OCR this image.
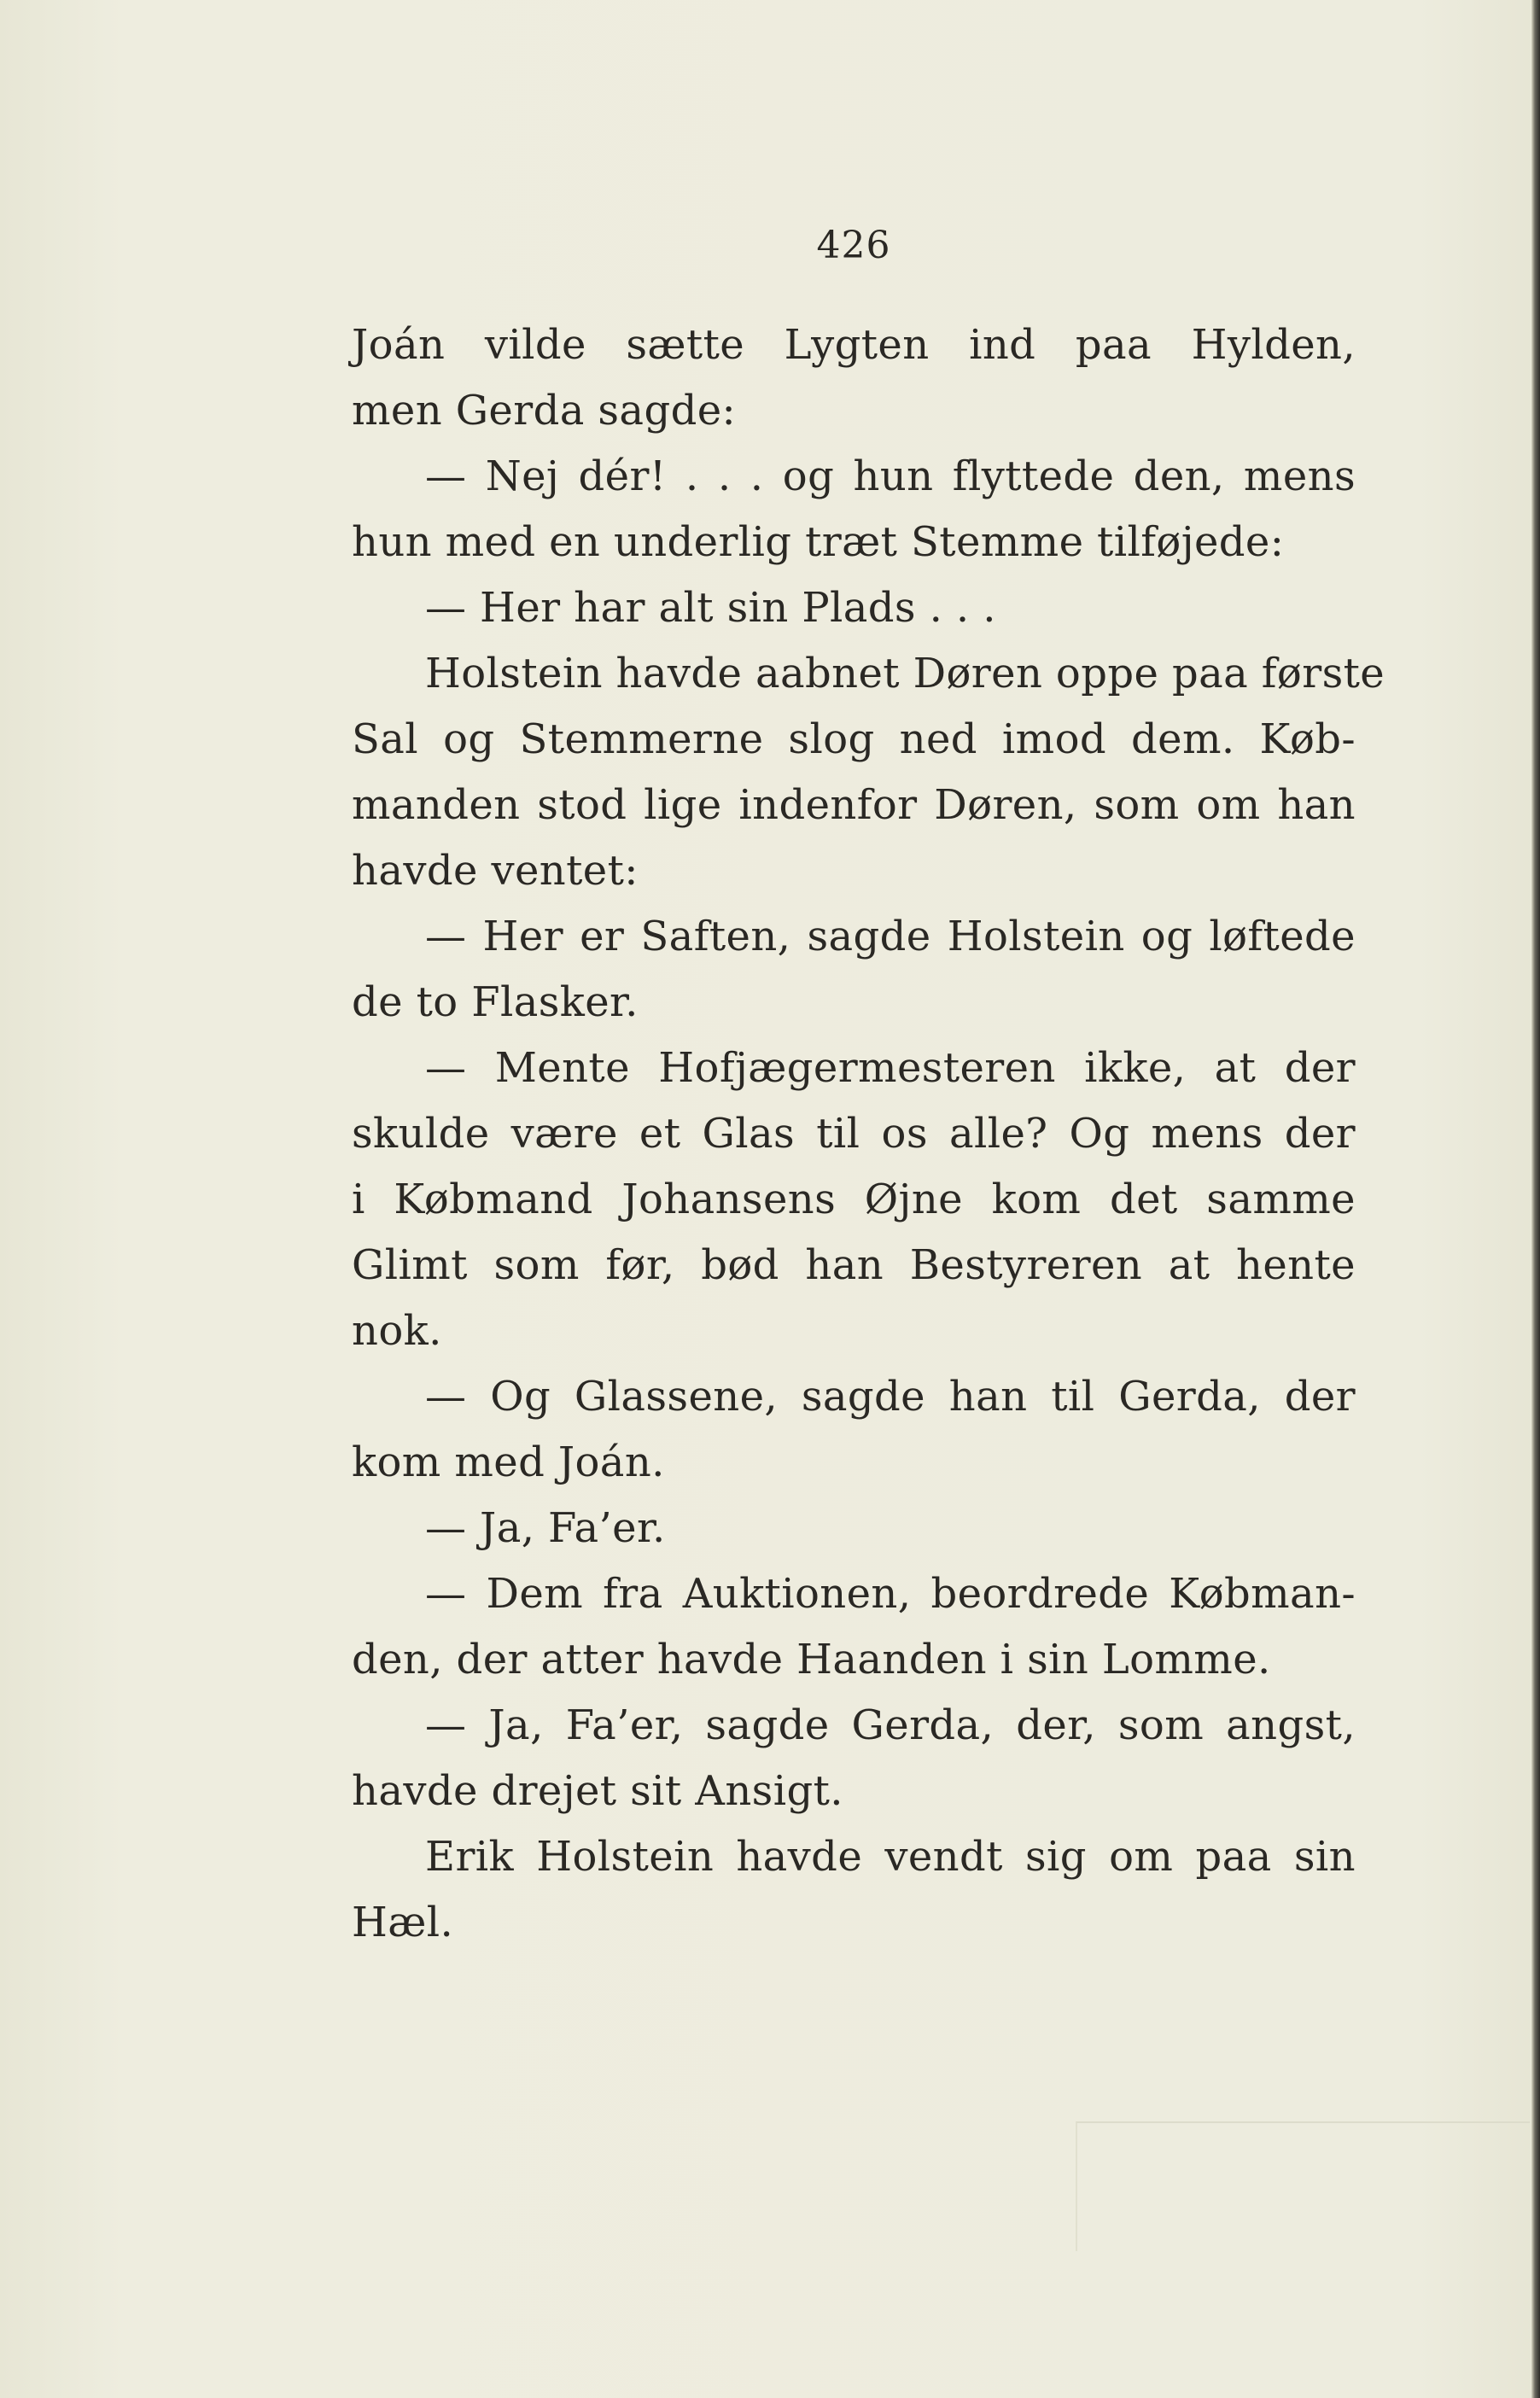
426
Joán vilde sætte Lygten ind paa Hylden,
men Gerda sagde:
— Nej dér! . . . og hun flyttede den, mens
hun med en underlig træt Stemme tilføjede:
— Her har alt sin Plads . . .
Holstein havde aabnet Døren oppe paa første
Sal og Stemmerne slog ned imod dem. Køb-
manden stod lige indenfor Døren, som om han
havde ventet:
— Her er Saften, sagde Holstein og løftede
de to Flasker.
— Mente Hofjægermesteren ikke, at der
skulde være et Glas til os alle? Og mens der
i Købmand Johansens Øjne kom det samme
Glimt som før, bød han Bestyreren at hente
nok.
— Og Glassene, sagde han til Gerda, der
kom med Joán.
— Ja, Fa’er.
— Dem fra Auktionen, beordrede Købman-
den, der atter havde Haanden i sin Lomme.
— Ja, Fa’er, sagde Gerda, der, som angst,
havde drejet sit Ansigt.
Erik Holstein havde vendt sig om paa sin
Hæl.
